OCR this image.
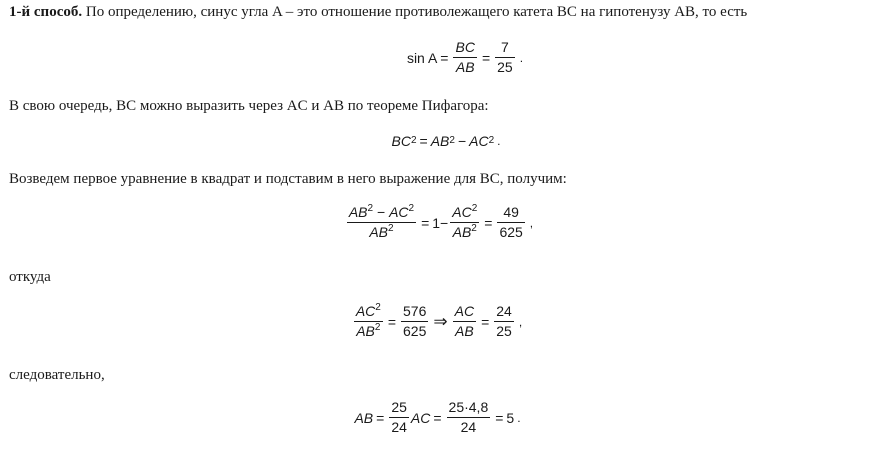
1-й способ. По определению, синус угла A – это отношение противолежащего катета BC на гипотенузу AB, то есть
$\sin A = \frac{BC}{AB} = \frac{7}{25}$ .
В свою очередь, BC можно выразить через AC и AB по теореме Пифагора:
BC 2 = AB 2 − AC 2 .
Возведем первое уравнение в квадрат и подставим в него выражение для BC, получим:
$\frac{AB^2 - AC^2}{AB^2} = 1- \frac{AC^2}{AB^2} = \frac{49}{625}$ ,
откуда
$\frac{AC^2}{AB^2} = \frac{576}{625}$ ⇒ $\frac{AC}{AB} = \frac{24}{25}$ ,
следовательно,
AB = $\frac{25}{24}$ AC = $\frac{25\cdot 4,8}{24} = 5$ .
